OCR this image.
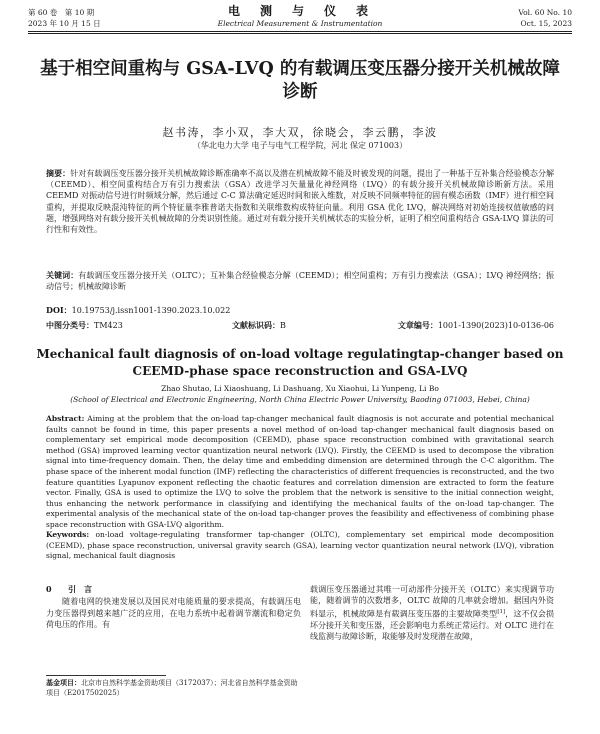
第 60 卷　第 10 期	电　测　与　仪　表	Vol. 60 No. 10
2023 年 10 月 15 日	Electrical Measurement & Instrumentation	Oct. 15, 2023
基于相空间重构与 GSA-LVQ 的有载调压变压器分接开关机械故障诊断
赵书涛，李小双，李大双，徐晓会，李云鹏，李波
（华北电力大学 电子与电气工程学院，河北 保定 071003）
摘要：针对有载调压变压器分接开关机械故障诊断准确率不高以及潜在机械故障不能及时被发现的问题，提出了一种基于互补集合经验模态分解（CEEMD）、相空间重构结合万有引力搜索法（GSA）改进学习矢量量化神经网络（LVQ）的有载分接开关机械故障诊断新方法。采用 CEEMD 对振动信号进行时频域分解，然后通过 C-C 算法确定延迟时间和嵌入维数，对反映不同频率特征的固有模态函数（IMF）进行相空间重构，并提取反映混沌特征的两个特征量李雅普诺夫指数和关联维数构成特征向量。利用 GSA 优化 LVQ，解决网络对初始连接权值敏感的问题，增强网络对有载分接开关机械故障的分类识别性能。通过对有载分接开关机械状态的实验分析，证明了相空间重构结合 GSA-LVQ 算法的可行性和有效性。
关键词：有载调压变压器分接开关（OLTC）；互补集合经验模态分解（CEEMD）；相空间重构；万有引力搜索法（GSA）；LVQ 神经网络；振动信号；机械故障诊断
DOI：10.19753/j.issn1001-1390.2023.10.022
中图分类号：TM423	文献标识码：B	文章编号：1001-1390(2023)10-0136-06
Mechanical fault diagnosis of on-load voltage regulatingtap-changer based on CEEMD-phase space reconstruction and GSA-LVQ
Zhao Shutao, Li Xiaoshuang, Li Dashuang, Xu Xiaohui, Li Yunpeng, Li Bo
(School of Electrical and Electronic Engineering, North China Electric Power University, Baoding 071003, Hebei, China)
Abstract: Aiming at the problem that the on-load tap-changer mechanical fault diagnosis is not accurate and potential mechanical faults cannot be found in time, this paper presents a novel method of on-load tap-changer mechanical fault diagnosis based on complementary set empirical mode decomposition (CEEMD), phase space reconstruction combined with gravitational search method (GSA) improved learning vector quantization neural network (LVQ). Firstly, the CEEMD is used to decompose the vibration signal into time-frequency domain. Then, the delay time and embedding dimension are determined through the C-C algorithm. The phase space of the inherent modal function (IMF) reflecting the characteristics of different frequencies is reconstructed, and the two feature quantities Lyapunov exponent reflecting the chaotic features and correlation dimension are extracted to form the feature vector. Finally, GSA is used to optimize the LVQ to solve the problem that the network is sensitive to the initial connection weight, thus enhancing the network performance in classifying and identifying the mechanical faults of the on-load tap-changer. The experimental analysis of the mechanical state of the on-load tap-changer proves the feasibility and effectiveness of combining phase space reconstruction with GSA-LVQ algorithm.
Keywords: on-load voltage-regulating transformer tap-changer (OLTC), complementary set empirical mode decomposition (CEEMD), phase space reconstruction, universal gravity search (GSA), learning vector quantization neural network (LVQ), vibration signal, mechanical fault diagnosis
0 引　言
随着电网的快速发展以及国民对电能质量的要求提高，有载调压电力变压器得到越来越广泛的应用，在电力系统中起着调节潮流和稳定负荷电压的作用。有
载调压变压器通过其唯一可动部件分接开关（OLTC）来实现调节功能，随着调节的次数增多，OLTC 故障的几率就会增加。据国内外资料显示，机械故障是有载调压变压器的主要故障类型[1]，这不仅会损坏分接开关和变压器，还会影响电力系统正常运行。对 OLTC 进行在线监测与故障诊断，取能够及时发现潜在故障，
基金项目：北京市自然科学基金资助项目（3172037）；河北省自然科学基金资助项目（E2017502025）
